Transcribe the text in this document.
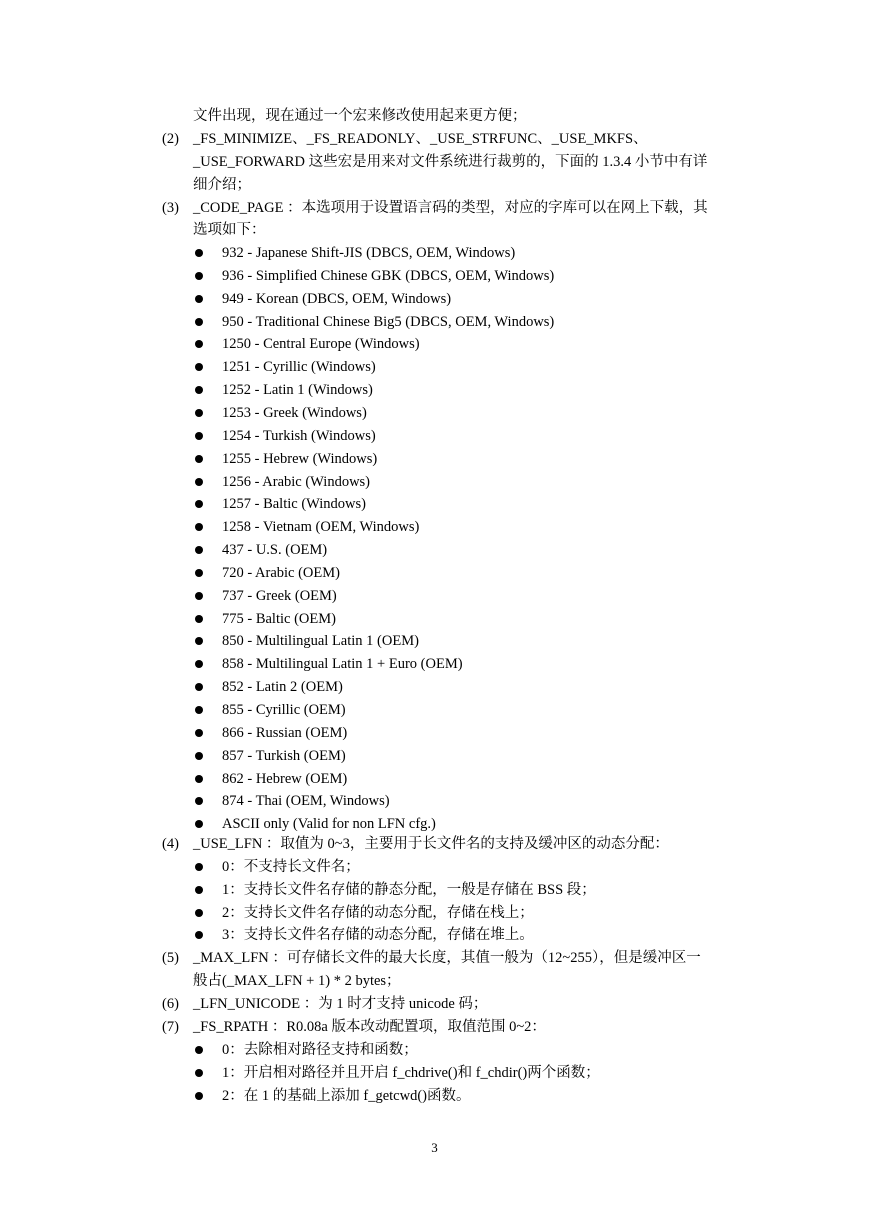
文件出现，现在通过一个宏来修改使用起来更方便；
(2) _FS_MINIMIZE、_FS_READONLY、_USE_STRFUNC、_USE_MKFS、
_USE_FORWARD 这些宏是用来对文件系统进行裁剪的，下面的 1.3.4 小节中有详
细介绍；
(3) _CODE_PAGE ：本选项用于设置语言码的类型，对应的字库可以在网上下载，其
选项如下：
932 - Japanese Shift-JIS (DBCS, OEM, Windows)
936 - Simplified Chinese GBK (DBCS, OEM, Windows)
949 - Korean (DBCS, OEM, Windows)
950 - Traditional Chinese Big5 (DBCS, OEM, Windows)
1250 - Central Europe (Windows)
1251 - Cyrillic (Windows)
1252 - Latin 1 (Windows)
1253 - Greek (Windows)
1254 - Turkish (Windows)
1255 - Hebrew (Windows)
1256 - Arabic (Windows)
1257 - Baltic (Windows)
1258 - Vietnam (OEM, Windows)
437 - U.S. (OEM)
720 - Arabic (OEM)
737 - Greek (OEM)
775 - Baltic (OEM)
850 - Multilingual Latin 1 (OEM)
858 - Multilingual Latin 1 + Euro (OEM)
852 - Latin 2 (OEM)
855 - Cyrillic (OEM)
866 - Russian (OEM)
857 - Turkish (OEM)
862 - Hebrew (OEM)
874 - Thai (OEM, Windows)
ASCII only (Valid for non LFN cfg.)
(4) _USE_LFN ：取值为 0~3，主要用于长文件名的支持及缓冲区的动态分配：
0：不支持长文件名；
1：支持长文件名存储的静态分配，一般是存储在 BSS 段；
2：支持长文件名存储的动态分配，存储在栈上；
3：支持长文件名存储的动态分配，存储在堆上。
(5) _MAX_LFN ：可存储长文件的最大长度，其值一般为（12~255），但是缓冲区一
般占(_MAX_LFN + 1) * 2 bytes；
(6) _LFN_UNICODE ：为 1 时才支持 unicode 码；
(7) _FS_RPATH ：R0.08a 版本改动配置项，取值范围 0~2：
0：去除相对路径支持和函数；
1：开启相对路径并且开启 f_chdrive()和 f_chdir()两个函数；
2：在 1 的基础上添加 f_getcwd()函数。
3
